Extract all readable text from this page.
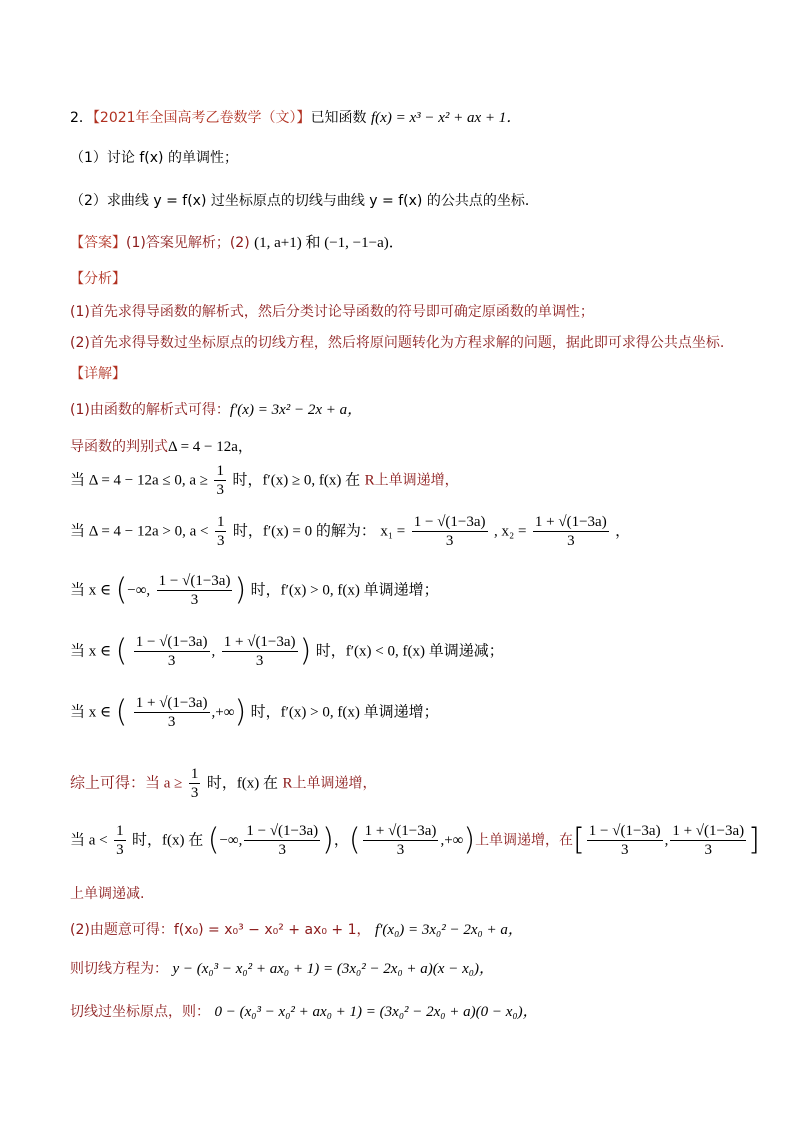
2．【2021年全国高考乙卷数学（文）】已知函数 f(x) = x³ − x² + ax + 1．
（1）讨论 f(x) 的单调性；
（2）求曲线 y = f(x) 过坐标原点的切线与曲线 y = f(x) 的公共点的坐标．
【答案】(1)答案见解析；(2) (1, a+1) 和 (−1, −1−a)．
【分析】
(1)首先求得导函数的解析式，然后分类讨论导函数的符号即可确定原函数的单调性；
(2)首先求得导数过坐标原点的切线方程，然后将原问题转化为方程求解的问题，据此即可求得公共点坐标.
【详解】
(1)由函数的解析式可得：f′(x) = 3x² − 2x + a，
导函数的判别式Δ = 4 − 12a，
当 Δ = 4 − 12a ≤ 0, $a \ge \frac{1}{3}$ 时，f′(x) ≥ 0, f(x) 在 R上单调递增，
当 Δ = 4 − 12a > 0, $a < \frac{1}{3}$ 时，f′(x) = 0 的解为： $x_1 = \frac{1 - √(1-3a)}{3}$ , $x_2 = \frac{1 + √(1-3a)}{3}$ ，
当 x ∈ (−∞, $\frac{1 - √(1-3a)}{3}$ ) 时，f′(x) > 0, f(x) 单调递增；
当 x ∈ ( $\frac{1 - √(1-3a)}{3}$ , $\frac{1 + √(1-3a)}{3}$ ) 时，f′(x) < 0, f(x) 单调递减；
当 x ∈ ( $\frac{1 + √(1-3a)}{3}$ ,+∞) 时，f′(x) > 0, f(x) 单调递增；
综上可得：当 $a \ge \frac{1}{3}$ 时，f(x) 在 R上单调递增，
当 $a < \frac{1}{3}$ 时，f(x) 在 (−∞, $\frac{1 - √(1-3a)}{3}$ )，( $\frac{1 + √(1-3a)}{3}$ ,+∞)上单调递增，在[ $\frac{1 - √(1-3a)}{3}$ , $\frac{1 + √(1-3a)}{3}$ ]
上单调递减.
(2)由题意可得：f(x₀) = x₀³ − x₀² + ax₀ + 1， f′(x₀) = 3x₀² − 2x₀ + a，
则切线方程为： y − (x₀³ − x₀² + ax₀ + 1) = (3x₀² − 2x₀ + a)(x − x₀)，
切线过坐标原点，则： 0 − (x₀³ − x₀² + ax₀ + 1) = (3x₀² − 2x₀ + a)(0 − x₀)，
